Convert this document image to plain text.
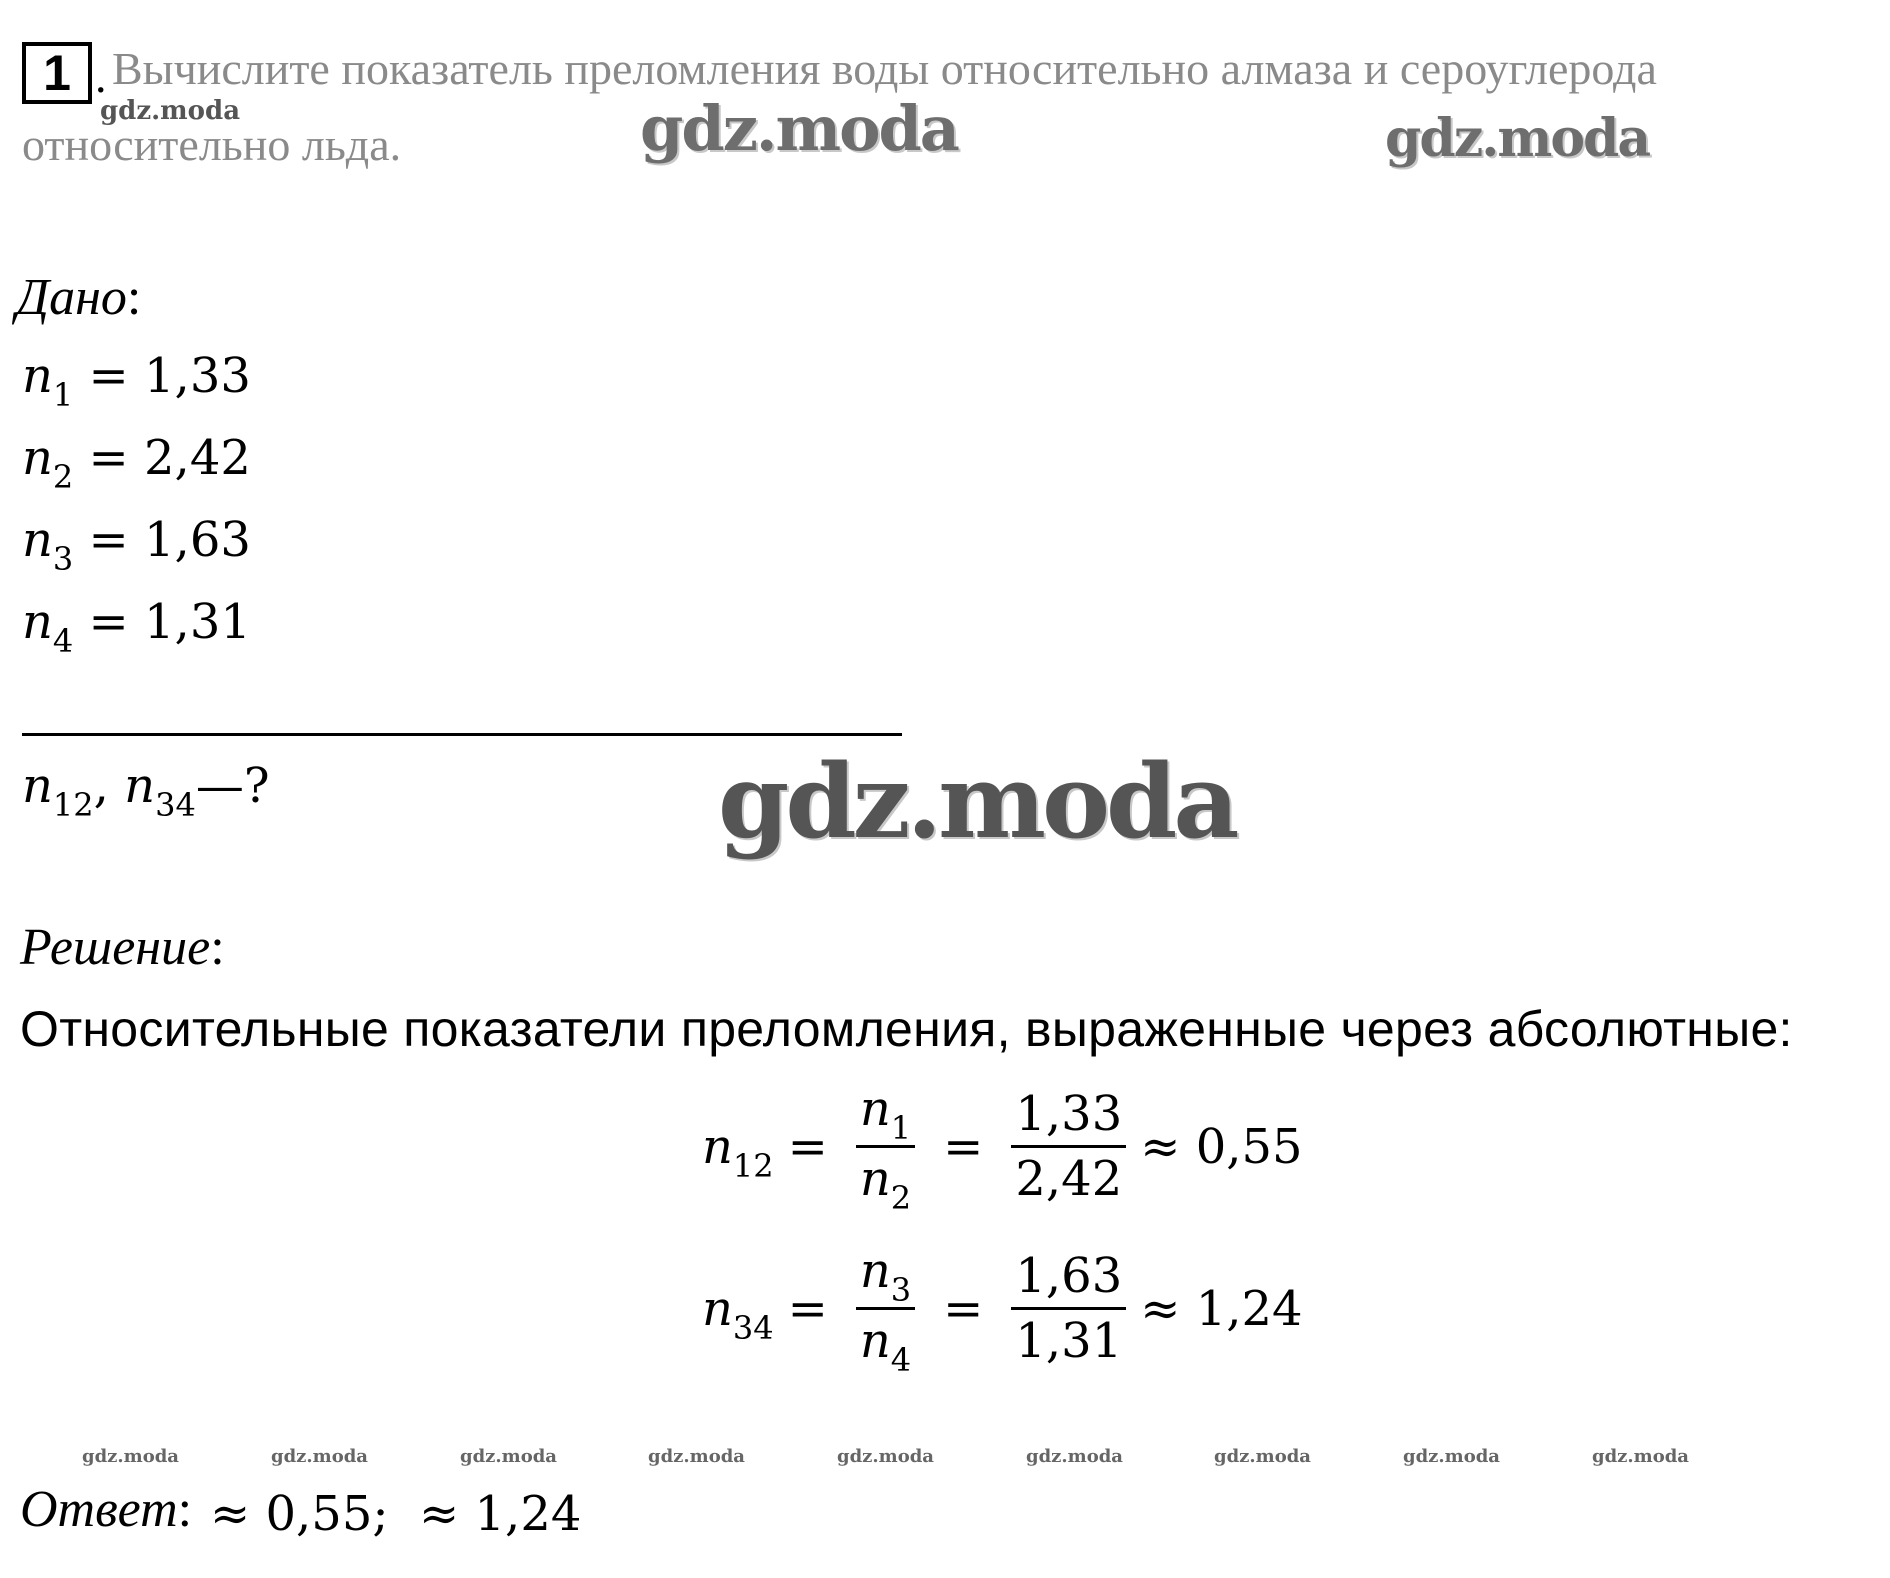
1 . Вычислите показатель преломления воды относительно алмаза и сероуглерода
относительно льда.
gdz.moda	gdz.moda	gdz.moda
gdz.moda
gdz.moda	gdz.moda	gdz.moda	gdz.moda	gdz.moda	gdz.moda	gdz.moda	gdz.moda	gdz.moda
Дано:
$n_1 = 1,33$
$n_2 = 2,42$
$n_3 = 1,63$
$n_4 = 1,31$
$n_{12}$, $n_{34}—$?
Решение:
Относительные показатели преломления, выраженные через абсолютные:
$n_{12} = \frac{n_1}{n_2} = \frac{1,33}{2,42} \approx 0,55$
$n_{34} = \frac{n_3}{n_4} = \frac{1,63}{1,31} \approx 1,24$
Ответ: ≈ 0,55;  ≈ 1,24
